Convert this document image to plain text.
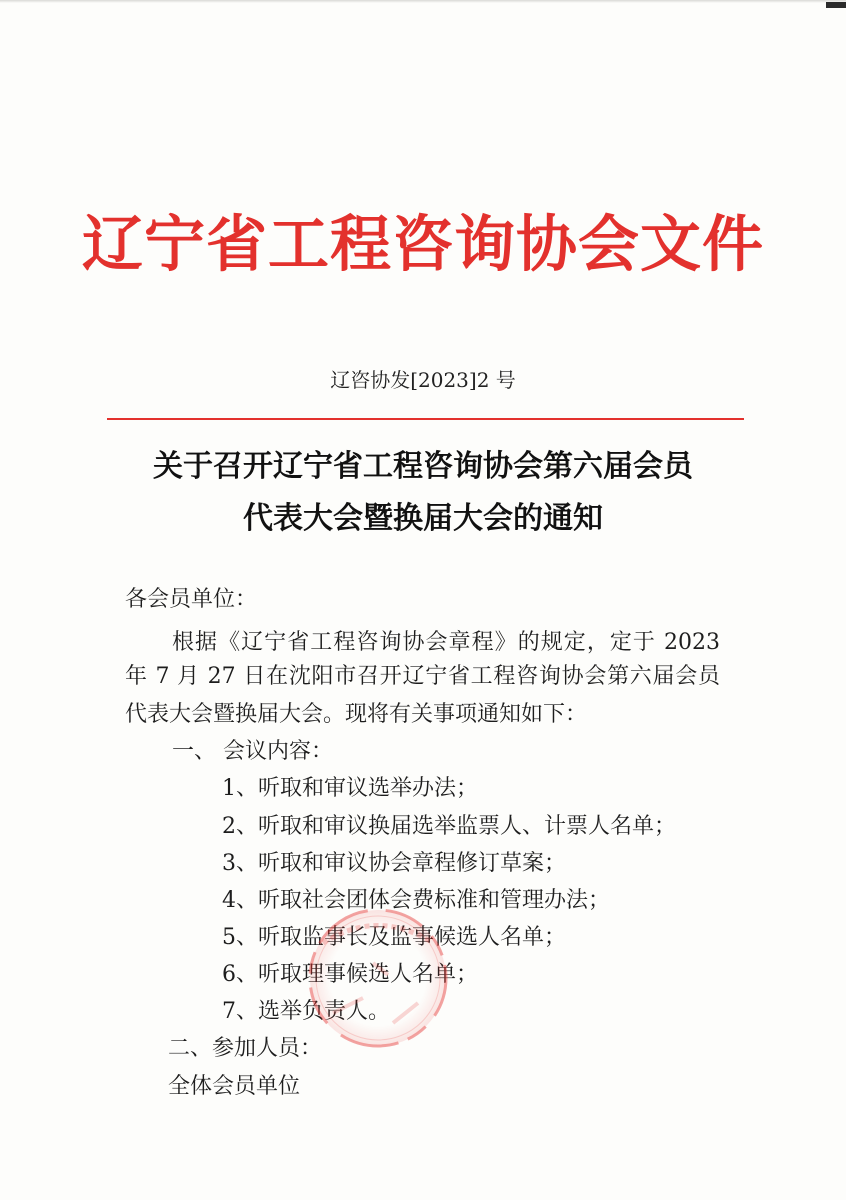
辽宁省工程咨询协会文件
辽咨协发[2023]2 号
关于召开辽宁省工程咨询协会第六届会员
代表大会暨换届大会的通知
各会员单位：
根据《辽宁省工程咨询协会章程》的规定，定于 2023
年 7 月 27 日在沈阳市召开辽宁省工程咨询协会第六届会员
代表大会暨换届大会。现将有关事项通知如下：
一、 会议内容：
1、听取和审议选举办法；
2、听取和审议换届选举监票人、计票人名单；
3、听取和审议协会章程修订草案；
4、听取社会团体会费标准和管理办法；
5、听取监事长及监事候选人名单；
6、听取理事候选人名单；
7、选举负责人。
二、参加人员：
全体会员单位
